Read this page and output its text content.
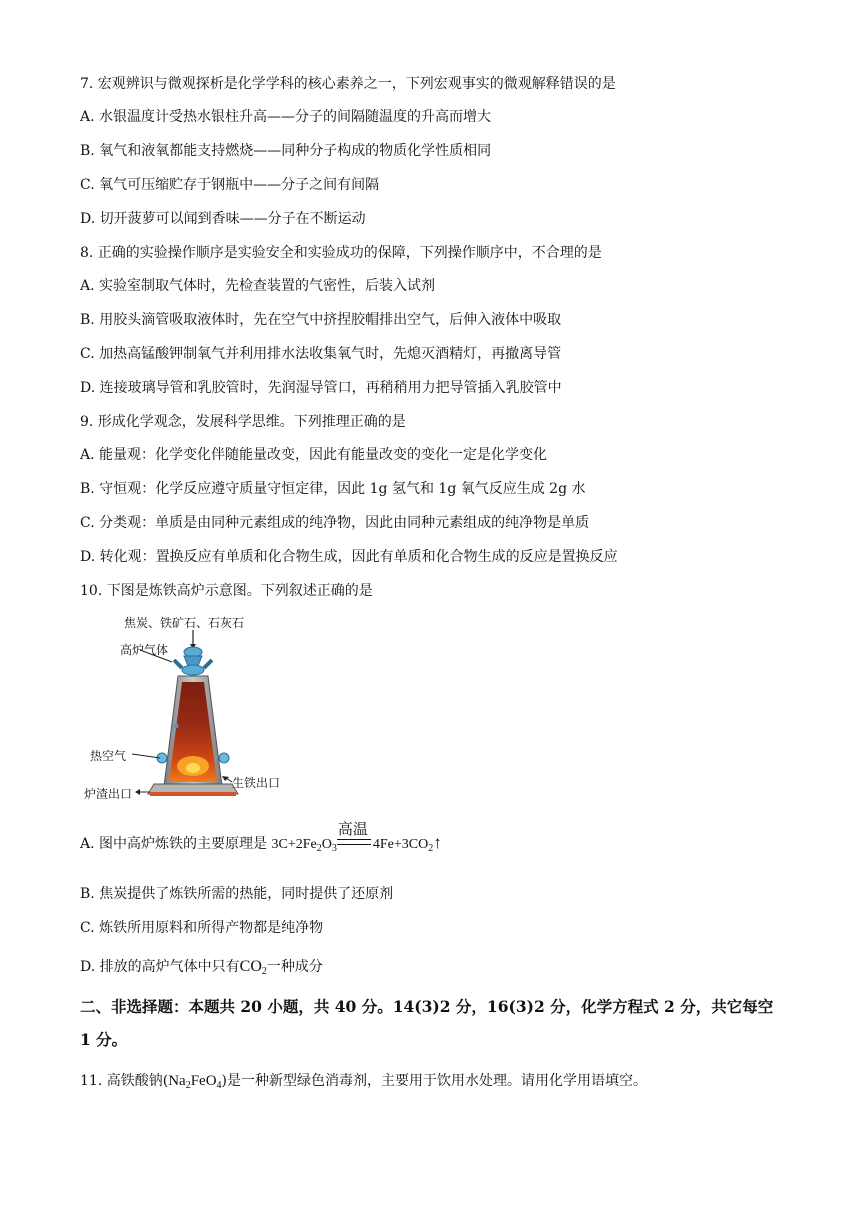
7. 宏观辨识与微观探析是化学学科的核心素养之一，下列宏观事实的微观解释错误的是
A. 水银温度计受热水银柱升高——分子的间隔随温度的升高而增大
B. 氧气和液氧都能支持燃烧——同种分子构成的物质化学性质相同
C. 氧气可压缩贮存于钢瓶中——分子之间有间隔
D. 切开菠萝可以闻到香味——分子在不断运动
8. 正确的实验操作顺序是实验安全和实验成功的保障，下列操作顺序中，不合理的是
A. 实验室制取气体时，先检查装置的气密性，后装入试剂
B. 用胶头滴管吸取液体时，先在空气中挤捏胶帽排出空气，后伸入液体中吸取
C. 加热高锰酸钾制氧气并利用排水法收集氧气时，先熄灭酒精灯，再撤离导管
D. 连接玻璃导管和乳胶管时，先润湿导管口，再稍稍用力把导管插入乳胶管中
9. 形成化学观念，发展科学思维。下列推理正确的是
A. 能量观：化学变化伴随能量改变，因此有能量改变的变化一定是化学变化
B. 守恒观：化学反应遵守质量守恒定律，因此 1g 氢气和 1g 氧气反应生成 2g 水
C. 分类观：单质是由同种元素组成的纯净物，因此由同种元素组成的纯净物是单质
D. 转化观：置换反应有单质和化合物生成，因此有单质和化合物生成的反应是置换反应
10. 下图是炼铁高炉示意图。下列叙述正确的是
焦炭、铁矿石、石灰石
高炉气体
热空气
炉渣出口
生铁出口
A. 图中高炉炼铁的主要原理是 $3C+2Fe_2O_3$
高温
$4Fe+3CO_2↑$
B. 焦炭提供了炼铁所需的热能，同时提供了还原剂
C. 炼铁所用原料和所得产物都是纯净物
D. 排放的高炉气体中只有$CO_2$一种成分
二、非选择题：本题共 20 小题，共 40 分。14(3)2 分，16(3)2 分，化学方程式 2 分，共它每空
1 分。
11. 高铁酸钠$(Na_2FeO_4)$是一种新型绿色消毒剂，主要用于饮用水处理。请用化学用语填空。
